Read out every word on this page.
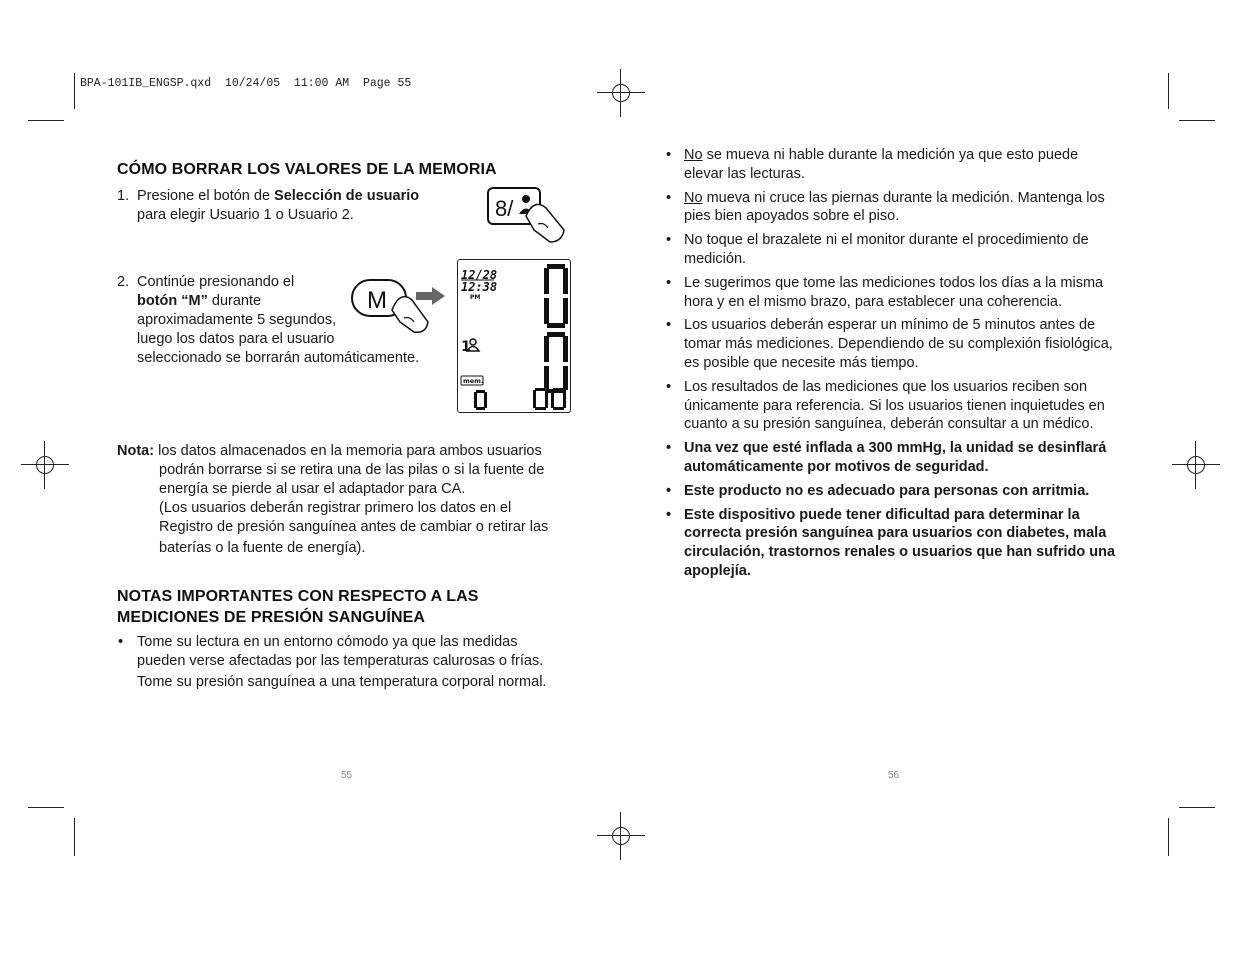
BPA-101IB_ENGSP.qxd  10/24/05  11:00 AM  Page 55
CÓMO BORRAR LOS VALORES DE LA MEMORIA
1. Presione el botón de Selección de usuario
para elegir Usuario 1 o Usuario 2.	8/
2. Continúe presionando el
botón “M” durante
aproximadamente 5 segundos,
luego los datos para el usuario
seleccionado se borrarán automáticamente.
M
12/28
12:38
PM
1
mem.
Nota: los datos almacenados en la memoria para ambos usuarios
podrán borrarse si se retira una de las pilas o si la fuente de
energía se pierde al usar el adaptador para CA.
(Los usuarios deberán registrar primero los datos en el
Registro de presión sanguínea antes de cambiar o retirar las
baterías o la fuente de energía).
NOTAS IMPORTANTES CON RESPECTO A LAS
MEDICIONES DE PRESIÓN SANGUÍNEA
• Tome su lectura en un entorno cómodo ya que las medidas
pueden verse afectadas por las temperaturas calurosas o frías.
Tome su presión sanguínea a una temperatura corporal normal.
55
• No se mueva ni hable durante la medición ya que esto puede elevar las lecturas.
• No mueva ni cruce las piernas durante la medición. Mantenga los pies bien apoyados sobre el piso.
• No toque el brazalete ni el monitor durante el procedimiento de medición.
• Le sugerimos que tome las mediciones todos los días a la misma hora y en el mismo brazo, para establecer una coherencia.
• Los usuarios deberán esperar un mínimo de 5 minutos antes de tomar más mediciones. Dependiendo de su complexión fisiológica, es posible que necesite más tiempo.
• Los resultados de las mediciones que los usuarios reciben son únicamente para referencia. Si los usuarios tienen inquietudes en cuanto a su presión sanguínea, deberán consultar a un médico.
• Una vez que esté inflada a 300 mmHg, la unidad se desinflará automáticamente por motivos de seguridad.
• Este producto no es adecuado para personas con arritmia.
• Este dispositivo puede tener dificultad para determinar la correcta presión sanguínea para usuarios con diabetes, mala circulación, trastornos renales o usuarios que han sufrido una apoplejía.
56
